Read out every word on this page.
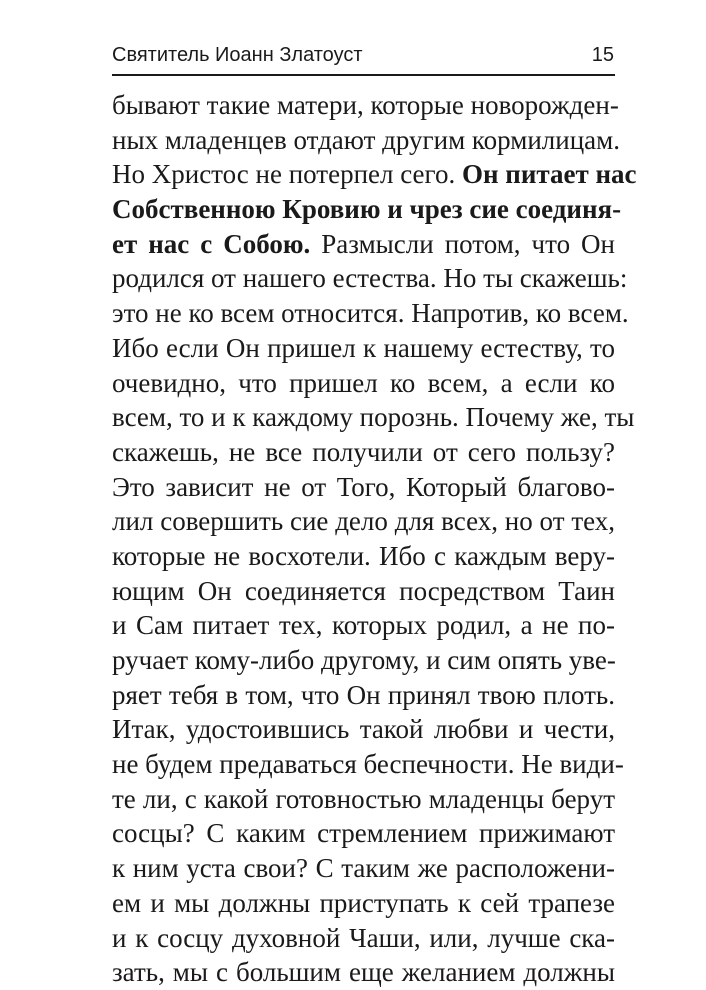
Святитель Иоанн Златоуст	15
бывают такие матери, которые новорожден-
ных младенцев отдают другим кормилицам.
Но Христос не потерпел сего. Он питает нас
Собственною Кровию и чрез сие соединя-
ет нас с Собою. Размысли потом, что Он
родился от нашего естества. Но ты скажешь:
это не ко всем относится. Напротив, ко всем.
Ибо если Он пришел к нашему естеству, то
очевидно, что пришел ко всем, а если ко
всем, то и к каждому порознь. Почему же, ты
скажешь, не все получили от сего пользу?
Это зависит не от Того, Который благово-
лил совершить сие дело для всех, но от тех,
которые не восхотели. Ибо с каждым веру-
ющим Он соединяется посредством Таин
и Сам питает тех, которых родил, а не по-
ручает кому-либо другому, и сим опять уве-
ряет тебя в том, что Он принял твою плоть.
Итак, удостоившись такой любви и чести,
не будем предаваться беспечности. Не види-
те ли, с какой готовностью младенцы берут
сосцы? С каким стремлением прижимают
к ним уста свои? С таким же расположени-
ем и мы должны приступать к сей трапезе
и к сосцу духовной Чаши, или, лучше ска-
зать, мы с большим еще желанием должны
